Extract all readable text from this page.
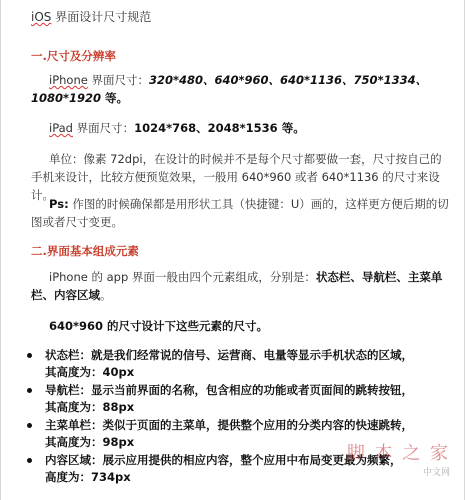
iOS 界面设计尺寸规范
一.尺寸及分辨率
iPhone 界面尺寸：320*480、640*960、640*1136、750*1334、1080*1920 等。
iPad 界面尺寸：1024*768、2048*1536 等。
单位：像素 72dpi，在设计的时候并不是每个尺寸都要做一套，尺寸按自己的手机来设计，比较方便预览效果，一般用 640*960 或者 640*1136 的尺寸来设计。
Ps: 作图的时候确保都是用形状工具（快捷键：U）画的，这样更方便后期的切图或者尺寸变更。
二.界面基本组成元素
iPhone 的 app 界面一般由四个元素组成，分别是：状态栏、导航栏、主菜单栏、内容区域。
640*960 的尺寸设计下这些元素的尺寸。
状态栏：就是我们经常说的信号、运营商、电量等显示手机状态的区域，
其高度为：40px
导航栏：显示当前界面的名称，包含相应的功能或者页面间的跳转按钮，
其高度为：88px
主菜单栏：类似于页面的主菜单，提供整个应用的分类内容的快速跳转，
其高度为：98px
内容区域：展示应用提供的相应内容，整个应用中布局变更最为频繁，
高度为：734px
脚 本 之 家
中文网
